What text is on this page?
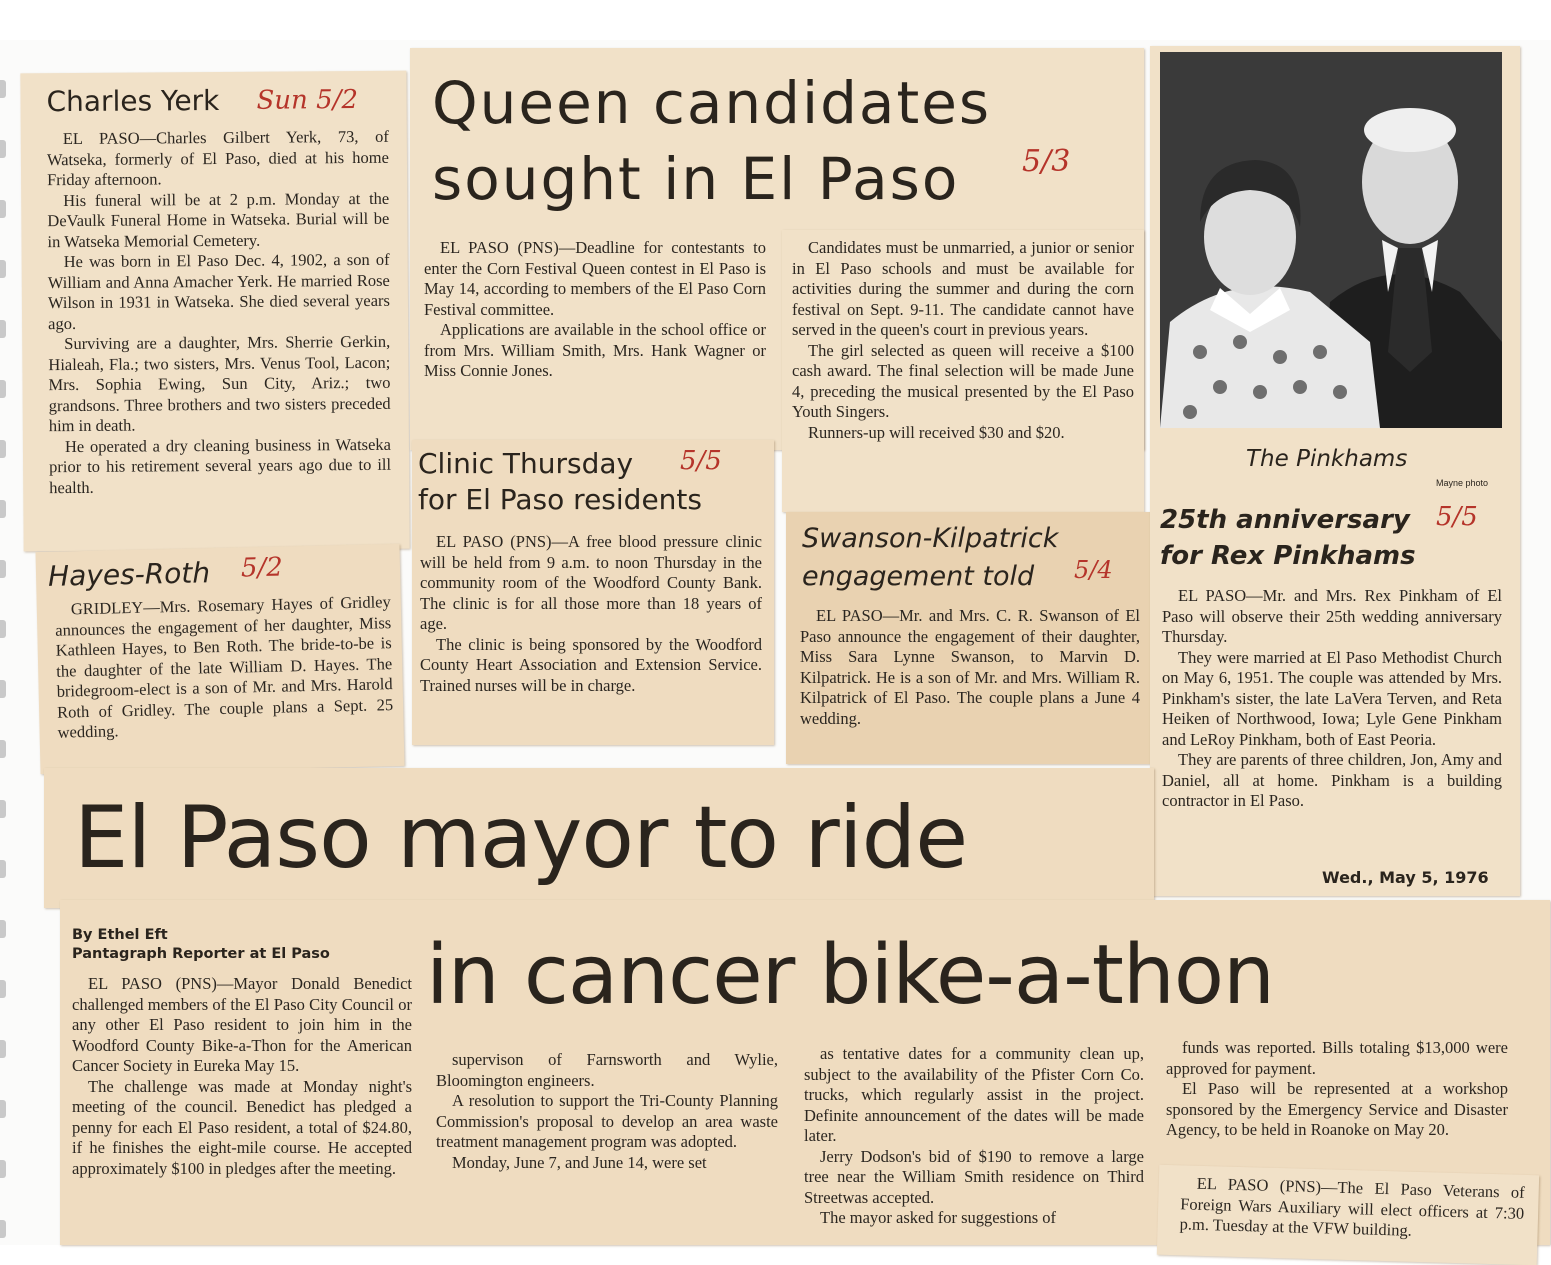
Charles Yerk Sun 5/2

EL PASO—Charles Gilbert Yerk, 73, of Watseka, formerly of El Paso, died at his home Friday afternoon.

His funeral will be at 2 p.m. Monday at the DeVaulk Funeral Home in Watseka. Burial will be in Watseka Memorial Cemetery.

He was born in El Paso Dec. 4, 1902, a son of William and Anna Amacher Yerk. He married Rose Wilson in 1931 in Watseka. She died several years ago.

Surviving are a daughter, Mrs. Sherrie Gerkin, Hialeah, Fla.; two sisters, Mrs. Venus Tool, Lacon; Mrs. Sophia Ewing, Sun City, Ariz.; two grandsons. Three brothers and two sisters preceded him in death.

He operated a dry cleaning business in Watseka prior to his retirement several years ago due to ill health.

Hayes-Roth 5/2

GRIDLEY—Mrs. Rosemary Hayes of Gridley announces the engagement of her daughter, Miss Kathleen Hayes, to Ben Roth. The bride-to-be is the daughter of the late William D. Hayes. The bridegroom-elect is a son of Mr. and Mrs. Harold Roth of Gridley. The couple plans a Sept. 25 wedding.

Queen candidates
sought in El Paso	5/3

EL PASO (PNS)—Deadline for contestants to enter the Corn Festival Queen contest in El Paso is May 14, according to members of the El Paso Corn Festival committee.

Applications are available in the school office or from Mrs. William Smith, Mrs. Hank Wagner or Miss Connie Jones.

Candidates must be unmarried, a junior or senior in El Paso schools and must be available for activities during the summer and during the corn festival on Sept. 9-11. The candidate cannot have served in the queen's court in previous years.

The girl selected as queen will receive a $100 cash award. The final selection will be made June 4, preceding the musical presented by the El Paso Youth Singers.

Runners-up will received $30 and $20.

Clinic Thursday
for El Paso residents
5/5

EL PASO (PNS)—A free blood pressure clinic will be held from 9 a.m. to noon Thursday in the community room of the Woodford County Bank. The clinic is for all those more than 18 years of age.

The clinic is being sponsored by the Woodford County Heart Association and Extension Service. Trained nurses will be in charge.

Swanson-Kilpatrick
engagement told	5/4

EL PASO—Mr. and Mrs. C. R. Swanson of El Paso announce the engagement of their daughter, Miss Sara Lynne Swanson, to Marvin D. Kilpatrick. He is a son of Mr. and Mrs. William R. Kilpatrick of El Paso. The couple plans a June 4 wedding.

The Pinkhams
Mayne photo
25th anniversary
for Rex Pinkhams
5/5

EL PASO—Mr. and Mrs. Rex Pinkham of El Paso will observe their 25th wedding anniversary Thursday.

They were married at El Paso Methodist Church on May 6, 1951. The couple was attended by Mrs. Pinkham's sister, the late LaVera Terven, and Reta Heiken of Northwood, Iowa; Lyle Gene Pinkham and LeRoy Pinkham, both of East Peoria.

They are parents of three children, Jon, Amy and Daniel, all at home. Pinkham is a building contractor in El Paso.

El Paso mayor to ride

By Ethel Eft

Pantagraph Reporter at El Paso	in cancer bike-a-thon
Wed., May 5, 1976

EL PASO (PNS)—Mayor Donald Benedict challenged members of the El Paso City Council or any other El Paso resident to join him in the Woodford County Bike-a-Thon for the American Cancer Society in Eureka May 15.

The challenge was made at Monday night's meeting of the council. Benedict has pledged a penny for each El Paso resident, a total of $24.80, if he finishes the eight-mile course. He accepted approximately $100 in pledges after the meeting.

supervison of Farnsworth and Wylie, Bloomington engineers.

A resolution to support the Tri-County Planning Commission's proposal to develop an area waste treatment management program was adopted.

Monday, June 7, and June 14, were set

as tentative dates for a community clean up, subject to the availability of the Pfister Corn Co. trucks, which regularly assist in the project. Definite announcement of the dates will be made later.

Jerry Dodson's bid of $190 to remove a large tree near the William Smith residence on Third Streetwas accepted.

The mayor asked for suggestions of

funds was reported. Bills totaling $13,000 were approved for payment.

El Paso will be represented at a workshop sponsored by the Emergency Service and Disaster Agency, to be held in Roanoke on May 20.

EL PASO (PNS)—The El Paso Veterans of Foreign Wars Auxiliary will elect officers at 7:30 p.m. Tuesday at the VFW building.
